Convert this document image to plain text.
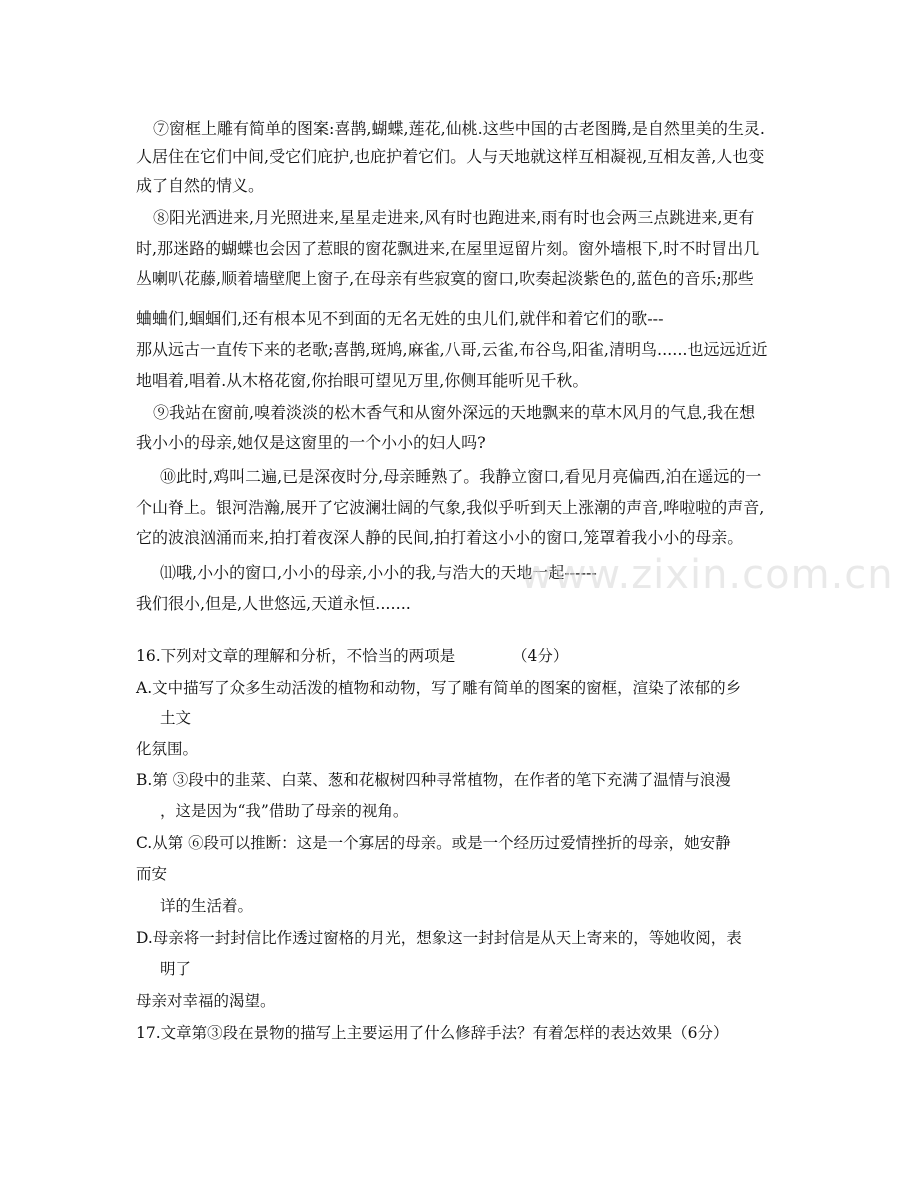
⑦窗框上雕有简单的图案:喜鹊,蝴蝶,莲花,仙桃.这些中国的古老图腾,是自然里美的生灵.
人居住在它们中间,受它们庇护,也庇护着它们。人与天地就这样互相凝视,互相友善,人也变
成了自然的情义。
⑧阳光洒进来,月光照进来,星星走进来,风有时也跑进来,雨有时也会两三点跳进来,更有
时,那迷路的蝴蝶也会因了惹眼的窗花飘进来,在屋里逗留片刻。窗外墙根下,时不时冒出几
丛喇叭花藤,顺着墙壁爬上窗子,在母亲有些寂寞的窗口,吹奏起淡紫色的,蓝色的音乐;那些
蛐蛐们,蝈蝈们,还有根本见不到面的无名无姓的虫儿们,就伴和着它们的歌---
那从远古一直传下来的老歌;喜鹊,斑鸠,麻雀,八哥,云雀,布谷鸟,阳雀,清明鸟......也远远近近
地唱着,唱着.从木格花窗,你抬眼可望见万里,你侧耳能听见千秋。
⑨我站在窗前,嗅着淡淡的松木香气和从窗外深远的天地飘来的草木风月的气息,我在想
我小小的母亲,她仅是这窗里的一个小小的妇人吗?
⑩此时,鸡叫二遍,已是深夜时分,母亲睡熟了。我静立窗口,看见月亮偏西,泊在遥远的一
个山脊上。银河浩瀚,展开了它波澜壮阔的气象,我似乎听到天上涨潮的声音,哗啦啦的声音,
它的波浪汹涌而来,拍打着夜深人静的民间,拍打着这小小的窗口,笼罩着我小小的母亲。
⑾哦,小小的窗口,小小的母亲,小小的我,与浩大的天地一起------
我们很小,但是,人世悠远,天道永恒.......
www.zixin.com.cn
16.下列对文章的理解和分析，不恰当的两项是	（4分）
A.文中描写了众多生动活泼的植物和动物，写了雕有简单的图案的窗框，渲染了浓郁的乡
土文
化氛围。
B.第 ③段中的韭菜、白菜、葱和花椒树四种寻常植物，在作者的笔下充满了温情与浪漫
，这是因为“我”借助了母亲的视角。
C.从第 ⑥段可以推断：这是一个寡居的母亲。或是一个经历过爱情挫折的母亲，她安静
而安
详的生活着。
D.母亲将一封封信比作透过窗格的月光，想象这一封封信是从天上寄来的，等她收阅，表
明了
母亲对幸福的渴望。
17.文章第③段在景物的描写上主要运用了什么修辞手法？有着怎样的表达效果（6分）
